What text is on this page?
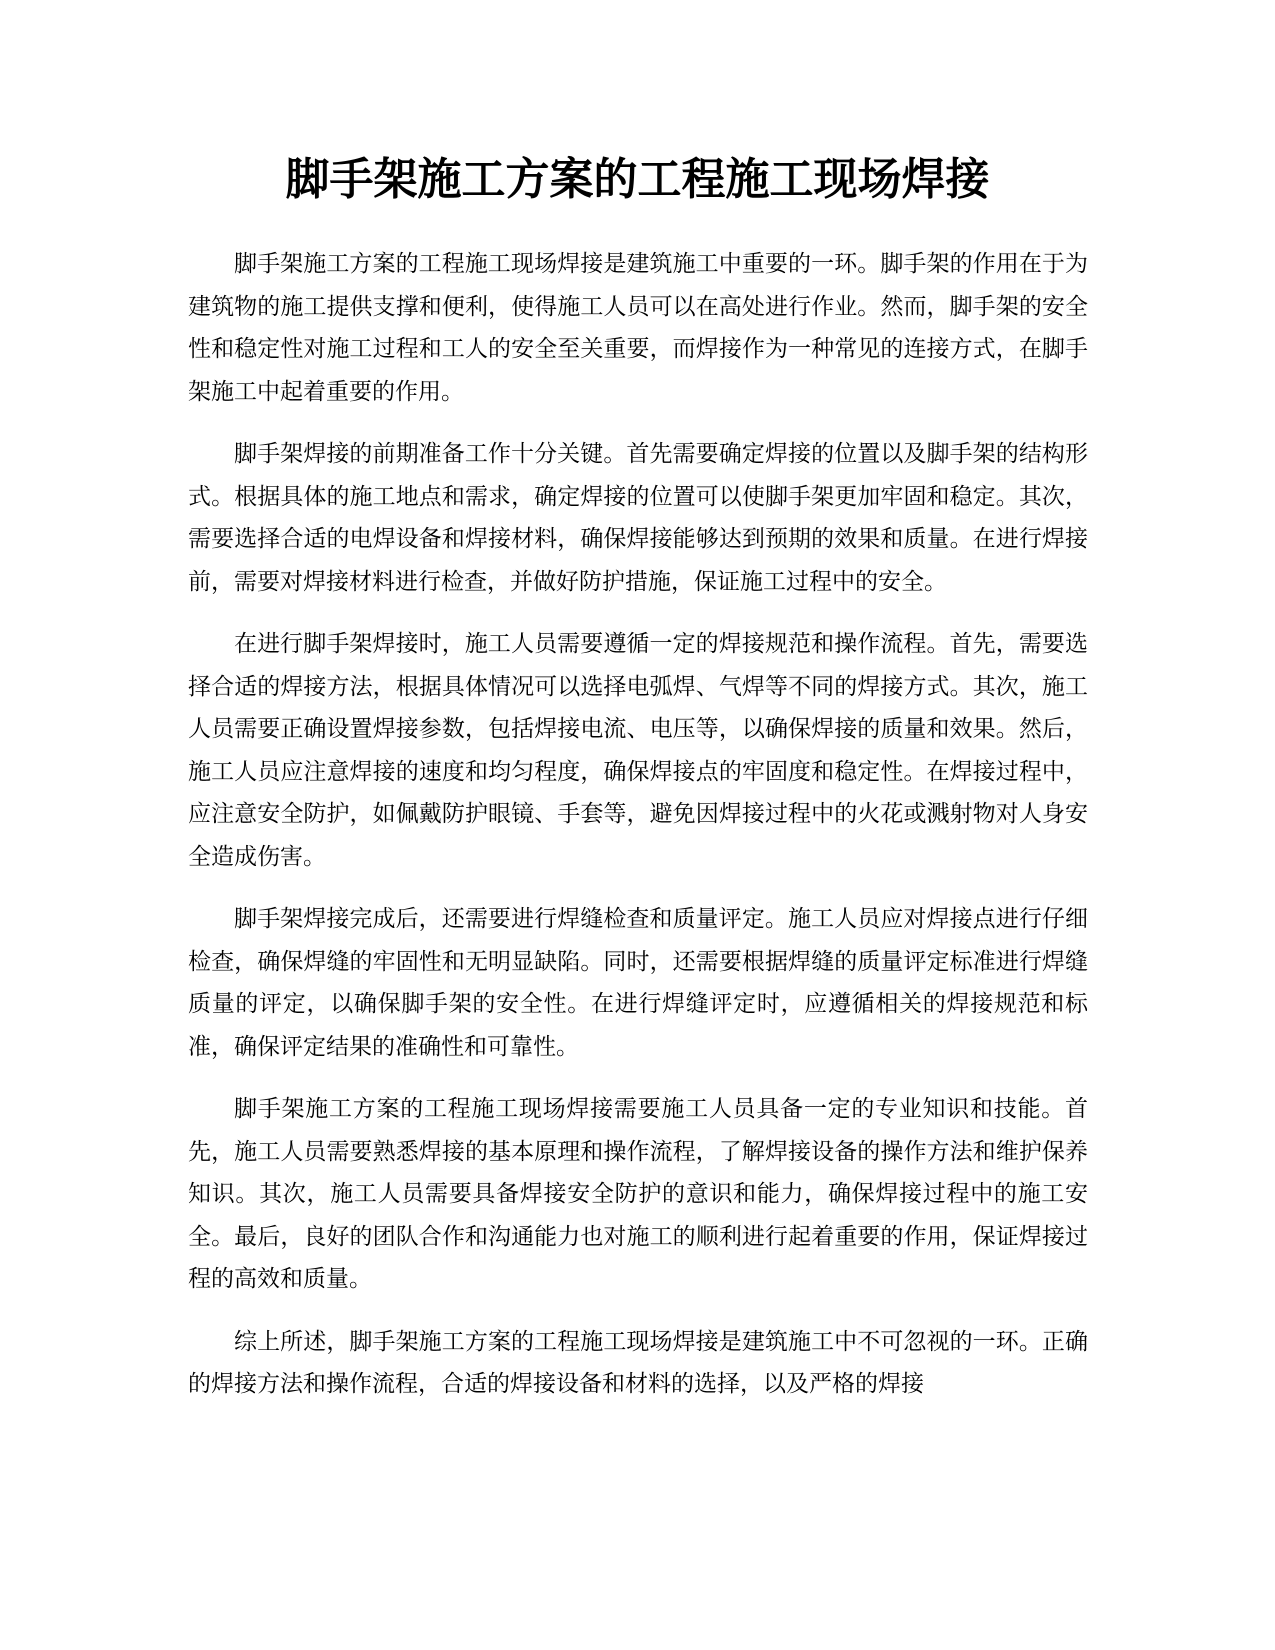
脚手架施工方案的工程施工现场焊接

脚手架施工方案的工程施工现场焊接是建筑施工中重要的一环。脚手架的作用在于为建筑物的施工提供支撑和便利，使得施工人员可以在高处进行作业。然而，脚手架的安全性和稳定性对施工过程和工人的安全至关重要，而焊接作为一种常见的连接方式，在脚手架施工中起着重要的作用。

脚手架焊接的前期准备工作十分关键。首先需要确定焊接的位置以及脚手架的结构形式。根据具体的施工地点和需求，确定焊接的位置可以使脚手架更加牢固和稳定。其次，需要选择合适的电焊设备和焊接材料，确保焊接能够达到预期的效果和质量。在进行焊接前，需要对焊接材料进行检查，并做好防护措施，保证施工过程中的安全。

在进行脚手架焊接时，施工人员需要遵循一定的焊接规范和操作流程。首先，需要选择合适的焊接方法，根据具体情况可以选择电弧焊、气焊等不同的焊接方式。其次，施工人员需要正确设置焊接参数，包括焊接电流、电压等，以确保焊接的质量和效果。然后，施工人员应注意焊接的速度和均匀程度，确保焊接点的牢固度和稳定性。在焊接过程中，应注意安全防护，如佩戴防护眼镜、手套等，避免因焊接过程中的火花或溅射物对人身安全造成伤害。

脚手架焊接完成后，还需要进行焊缝检查和质量评定。施工人员应对焊接点进行仔细检查，确保焊缝的牢固性和无明显缺陷。同时，还需要根据焊缝的质量评定标准进行焊缝质量的评定，以确保脚手架的安全性。在进行焊缝评定时，应遵循相关的焊接规范和标准，确保评定结果的准确性和可靠性。

脚手架施工方案的工程施工现场焊接需要施工人员具备一定的专业知识和技能。首先，施工人员需要熟悉焊接的基本原理和操作流程，了解焊接设备的操作方法和维护保养知识。其次，施工人员需要具备焊接安全防护的意识和能力，确保焊接过程中的施工安全。最后，良好的团队合作和沟通能力也对施工的顺利进行起着重要的作用，保证焊接过程的高效和质量。

综上所述，脚手架施工方案的工程施工现场焊接是建筑施工中不可忽视的一环。正确的焊接方法和操作流程，合适的焊接设备和材料的选择，以及严格的焊接
